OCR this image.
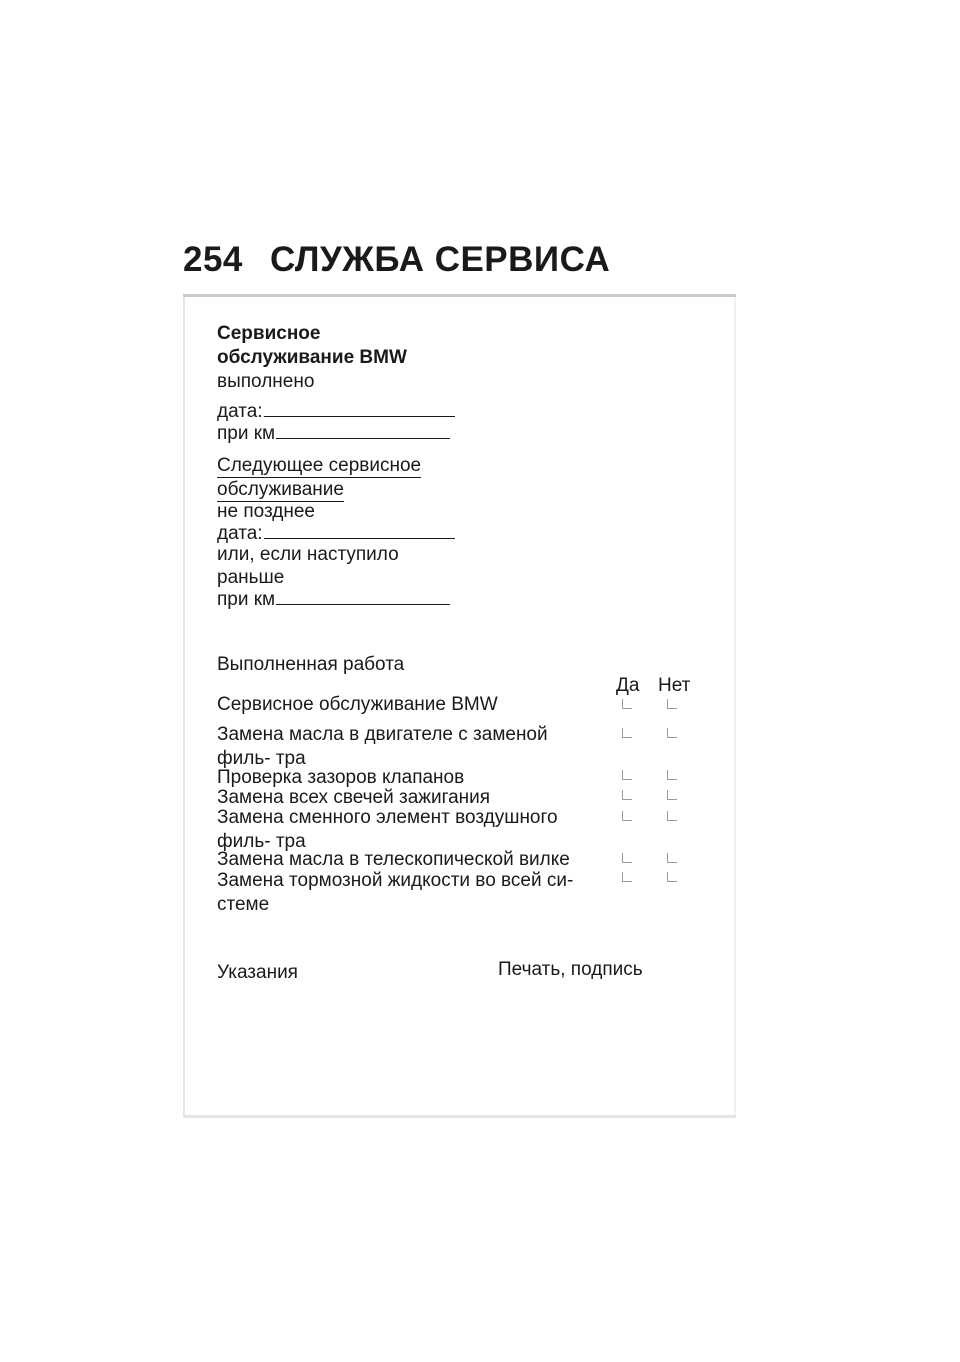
254 СЛУЖБА СЕРВИСА
Сервисное
обслуживание BMW
выполнено
дата:
при км
Следующее сервисное
обслуживание
не позднее
дата:
или, если наступило
раньше
при км
Выполненная работа
Да Нет
Сервисное обслуживание BMW
Замена масла в двигателе с заменой филь- тра
Проверка зазоров клапанов
Замена всех свечей зажигания
Замена сменного элемент воздушного филь- тра
Замена масла в телескопической вилке
Замена тормозной жидкости во всей си- стеме
Указания	Печать, подпись
